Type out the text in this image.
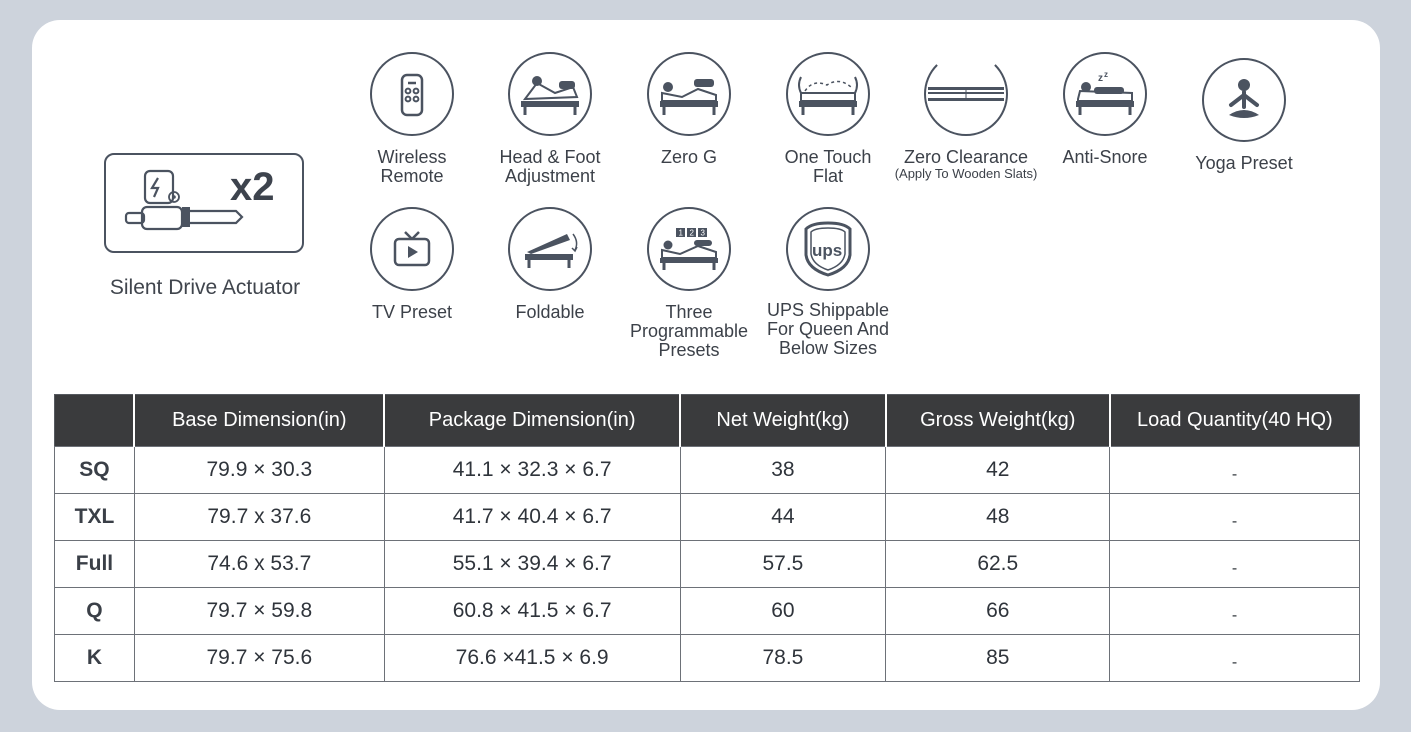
x2
Silent Drive Actuator
Wireless
Remote
Head & Foot
Adjustment
Zero G	One Touch
Flat
Zero Clearance
(Apply To Wooden Slats)
z z
Anti-Snore	Yoga Preset
TV Preset	Foldable
1 2 3
Three
Programmable
Presets
ups
UPS Shippable
For Queen And
Below Sizes
	Base Dimension(in)	Package Dimension(in)	Net Weight(kg)	Gross Weight(kg)	Load Quantity(40 HQ)
SQ	79.9 × 30.3	41.1 × 32.3 × 6.7	38	42	-
TXL	79.7 x 37.6	41.7 × 40.4 × 6.7	44	48	-
Full	74.6 x 53.7	55.1 × 39.4 × 6.7	57.5	62.5	-
Q	79.7 × 59.8	60.8 × 41.5 × 6.7	60	66	-
K	79.7 × 75.6	76.6 ×41.5 × 6.9	78.5	85	-
